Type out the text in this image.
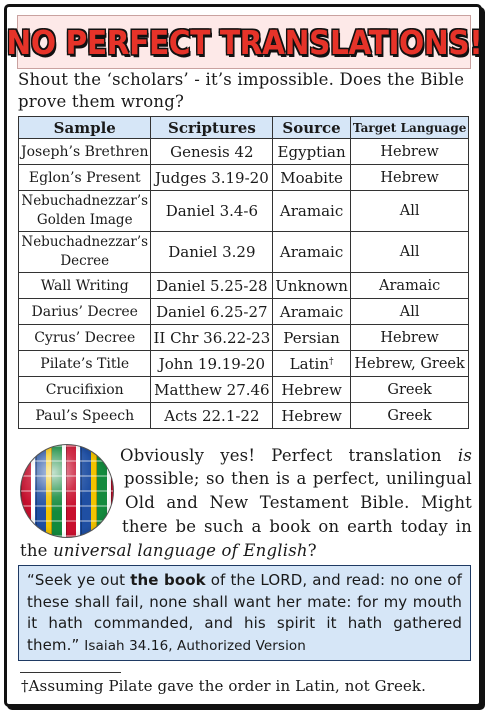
NO PERFECT TRANSLATIONS!
Shout the ‘scholars’ - it’s impossible. Does the Bible prove them wrong?
Sample	Scriptures	Source	Target Language
Joseph’s Brethren	Genesis 42	Egyptian	Hebrew
Eglon’s Present	Judges 3.19-20	Moabite	Hebrew
Nebuchadnezzar’s Golden Image	Daniel 3.4-6	Aramaic	All
Nebuchadnezzar’s Decree	Daniel 3.29	Aramaic	All
Wall Writing	Daniel 5.25-28	Unknown	Aramaic
Darius’ Decree	Daniel 6.25-27	Aramaic	All
Cyrus’ Decree	II Chr 36.22-23	Persian	Hebrew
Pilate’s Title	John 19.19-20	Latin†	Hebrew, Greek
Crucifixion	Matthew 27.46	Hebrew	Greek
Paul’s Speech	Acts 22.1-22	Hebrew	Greek
Obviously yes! Perfect translation is
possible; so then is a perfect, unilingual
Old and New Testament Bible. Might
there be such a book on earth today in
the universal language of English?
“Seek ye out the book of the LORD, and read: no one of these shall fail, none shall want her mate: for my mouth it hath commanded, and his spirit it hath gathered them.” Isaiah 34.16, Authorized Version
†Assuming Pilate gave the order in Latin, not Greek.
